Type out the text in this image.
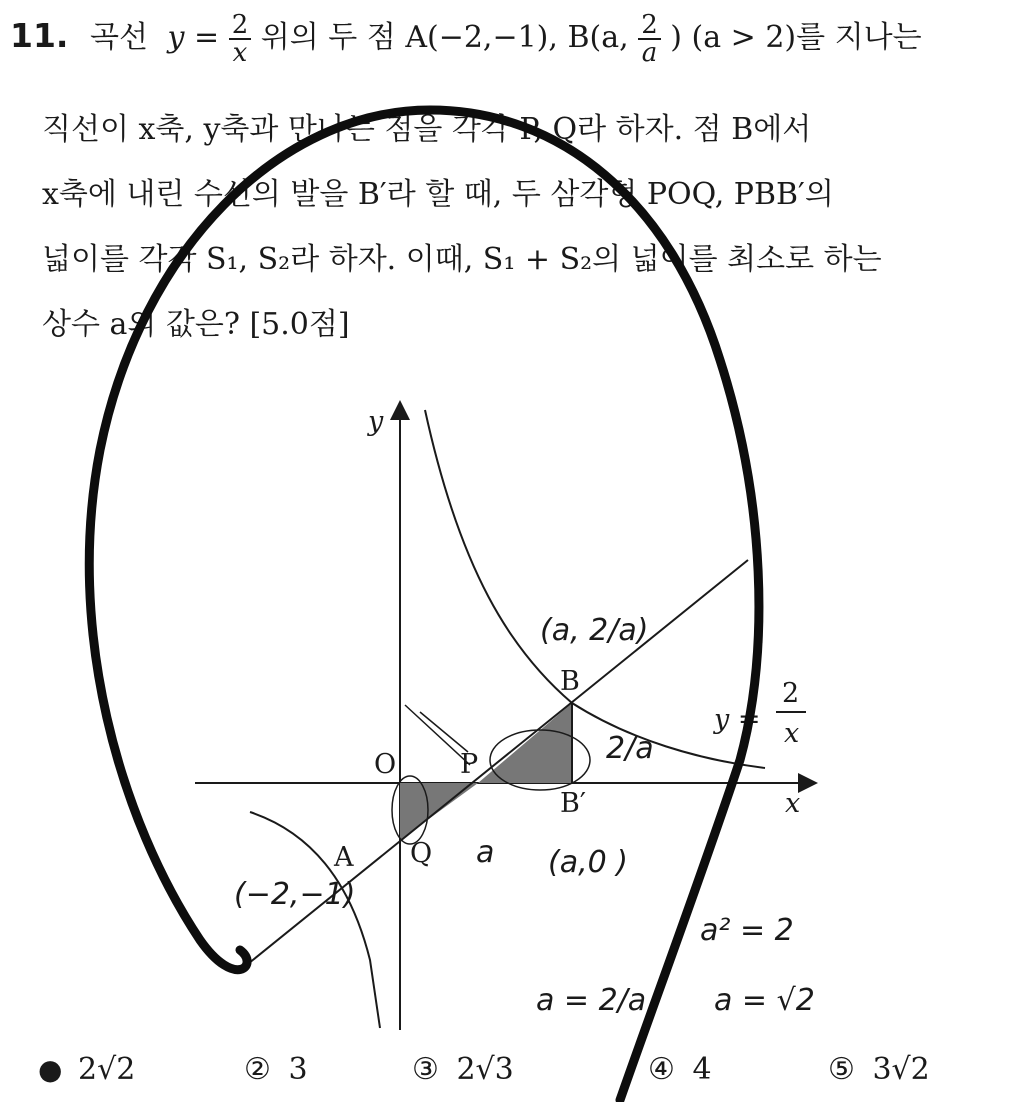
11. 곡선 $y = \frac{2}{x}$ 위의 두 점 A(−2,−1), B(a, $\frac{2}{a}$ ) (a > 2)를 지나는
직선이 x축, y축과 만나는 점을 각각 P, Q라 하자. 점 B에서
x축에 내린 수선의 발을 B′라 할 때, 두 삼각형 POQ, PBB′의
넓이를 각각 S₁, S₂라 하자. 이때, S₁ + S₂의 넓이를 최소로 하는
상수 a의 값은? [5.0점]
y
x
O P
Q
A
B
B′
y =
2
x
(a, 2/a)
2/a
a (a,0 )
(−2,−1)
a = 2/a
a² = 2
a = √2
● 2√2	② 3	③ 2√3	④ 4	⑤ 3√2
